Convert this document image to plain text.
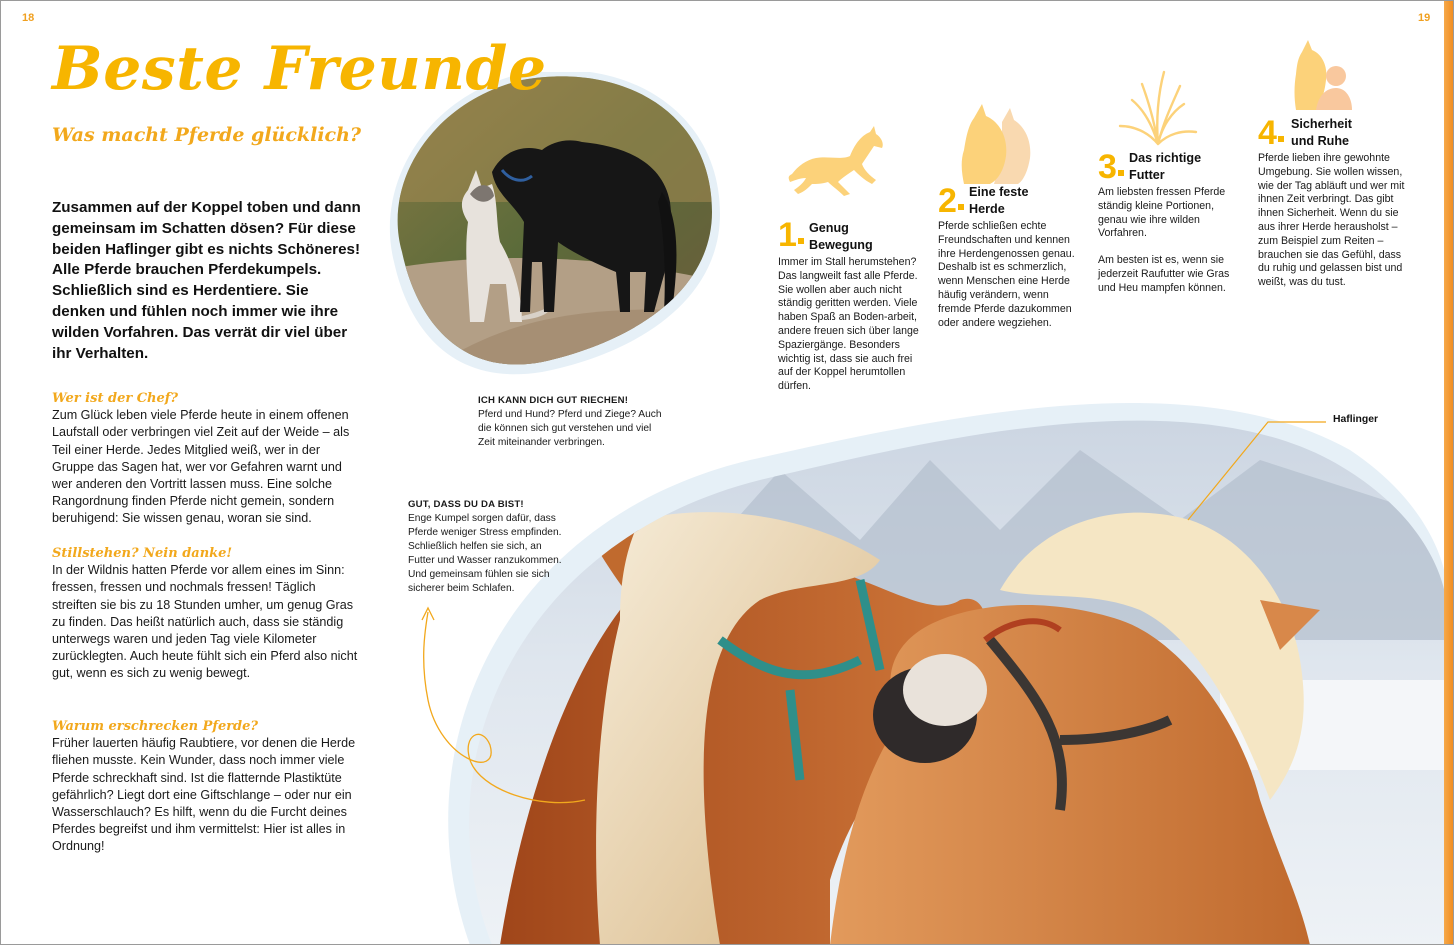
18	19
Beste Freunde
Was macht Pferde glücklich?

Zusammen auf der Koppel toben und dann gemeinsam im Schatten dösen? Für diese beiden Haflinger gibt es nichts Schöneres! Alle Pferde brauchen Pferdekumpels. Schließlich sind es Herdentiere. Sie denken und fühlen noch immer wie ihre wilden Vorfahren. Das verrät dir viel über ihr Verhalten.

Wer ist der Chef?

Zum Glück leben viele Pferde heute in einem offenen Laufstall oder verbringen viel Zeit auf der Weide – als Teil einer Herde. Jedes Mitglied weiß, wer in der Gruppe das Sagen hat, wer vor Gefahren warnt und wer anderen den Vortritt lassen muss. Eine solche Rangordnung finden Pferde nicht gemein, sondern beruhigend: Sie wissen genau, woran sie sind.

Stillstehen? Nein danke!

In der Wildnis hatten Pferde vor allem eines im Sinn: fressen, fressen und nochmals fressen! Täglich streiften sie bis zu 18 Stunden umher, um genug Gras zu finden. Das heißt natürlich auch, dass sie ständig unterwegs waren und jeden Tag viele Kilometer zurücklegten. Auch heute fühlt sich ein Pferd also nicht gut, wenn es sich zu wenig bewegt.

Warum erschrecken Pferde?

Früher lauerten häufig Raubtiere, vor denen die Herde fliehen musste. Kein Wunder, dass noch immer viele Pferde schreckhaft sind. Ist die flatternde Plastiktüte gefährlich? Liegt dort eine Giftschlange – oder nur ein Wasserschlauch? Es hilft, wenn du die Furcht deines Pferdes begreifst und ihm vermittelst: Hier ist alles in Ordnung!

ICH KANN DICH GUT RIECHEN!
Pferd und Hund? Pferd und Ziege? Auch die können sich gut verstehen und viel Zeit miteinander verbringen.
GUT, DASS DU DA BIST!
Enge Kumpel sorgen dafür, dass Pferde weniger Stress empfinden. Schließlich helfen sie sich, an Futter und Wasser ranzukommen. Und gemeinsam fühlen sie sich sicherer beim Schlafen.
Haflinger
1 Genug
Bewegung
Immer im Stall herumstehen? Das langweilt fast alle Pferde. Sie wollen aber auch nicht ständig geritten werden. Viele haben Spaß an Boden-arbeit, andere freuen sich über lange Spaziergänge. Besonders wichtig ist, dass sie auch frei auf der Koppel herumtollen dürfen.
2 Eine feste
Herde
Pferde schließen echte Freundschaften und kennen ihre Herdengenossen genau. Deshalb ist es schmerzlich, wenn Menschen eine Herde häufig verändern, wenn fremde Pferde dazukommen oder andere wegziehen.
3 Das richtige
Futter
Am liebsten fressen Pferde ständig kleine Portionen, genau wie ihre wilden Vorfahren.
Am besten ist es, wenn sie jederzeit Raufutter wie Gras und Heu mampfen können.
4 Sicherheit
und Ruhe
Pferde lieben ihre gewohnte Umgebung. Sie wollen wissen, wie der Tag abläuft und wer mit ihnen Zeit verbringt. Das gibt ihnen Sicherheit. Wenn du sie aus ihrer Herde herausholst – zum Beispiel zum Reiten – brauchen sie das Gefühl, dass du ruhig und gelassen bist und weißt, was du tust.
